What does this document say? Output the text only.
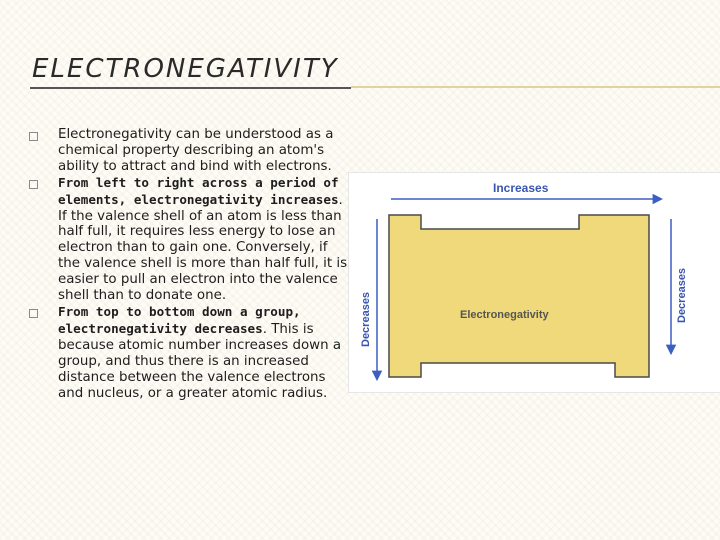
ELECTRONEGATIVITY
Electronegativity can be understood as a chemical property describing an atom's ability to attract and bind with electrons.
From left to right across a period of elements, electronegativity increases. If the valence shell of an atom is less than half full, it requires less energy to lose an electron than to gain one. Conversely, if the valence shell is more than half full, it is easier to pull an electron into the valence shell than to donate one.
From top to bottom down a group, electronegativity decreases. This is because atomic number increases down a group, and thus there is an increased distance between the valence electrons and nucleus, or a greater atomic radius.
Increases
Electronegativity
Decreases	Decreases
